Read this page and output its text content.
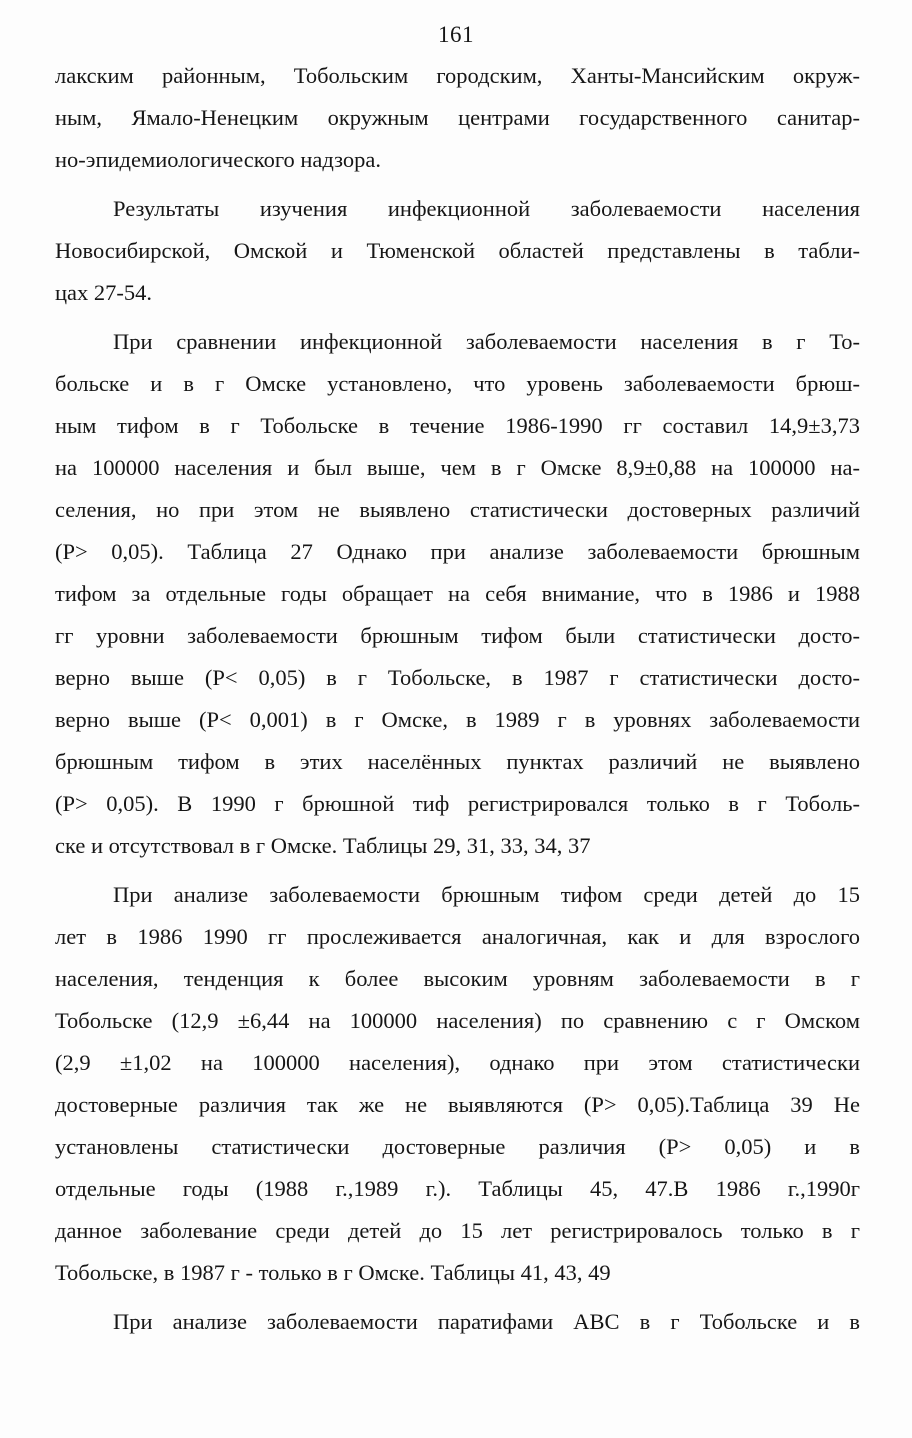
161
лакским районным, Тобольским городским, Ханты-Мансийским окруж-
ным, Ямало-Ненецким окружным центрами государственного санитар-
но-эпидемиологического надзора.
Результаты изучения инфекционной заболеваемости населения
Новосибирской, Омской и Тюменской областей представлены в табли-
цах 27-54.
При сравнении инфекционной заболеваемости населения в г То-
больске и в г Омске установлено, что уровень заболеваемости брюш-
ным тифом в г Тобольске в течение 1986-1990 гг составил 14,9±3,73
на 100000 населения и был выше, чем в г Омске 8,9±0,88 на 100000 на-
селения, но при этом не выявлено статистически достоверных различий
(P> 0,05). Таблица 27 Однако при анализе заболеваемости брюшным
тифом за отдельные годы обращает на себя внимание, что в 1986 и 1988
гг уровни заболеваемости брюшным тифом были статистически досто-
верно выше (P< 0,05) в г Тобольске, в 1987 г статистически досто-
верно выше (P< 0,001) в г Омске, в 1989 г в уровнях заболеваемости
брюшным тифом в этих населённых пунктах различий не выявлено
(P> 0,05). В 1990 г брюшной тиф регистрировался только в г Тоболь-
ске и отсутствовал в г Омске. Таблицы 29, 31, 33, 34, 37
При анализе заболеваемости брюшным тифом среди детей до 15
лет в 1986 1990 гг прослеживается аналогичная, как и для взрослого
населения, тенденция к более высоким уровням заболеваемости в г
Тобольске (12,9 ±6,44 на 100000 населения) по сравнению с г Омском
(2,9 ±1,02 на 100000 населения), однако при этом статистически
достоверные различия так же не выявляются (P> 0,05).Таблица 39 Не
установлены статистически достоверные различия (P> 0,05) и в
отдельные годы (1988 г.,1989 г.). Таблицы 45, 47.В 1986 г.,1990г
данное заболевание среди детей до 15 лет регистрировалось только в г
Тобольске, в 1987 г - только в г Омске. Таблицы 41, 43, 49
При анализе заболеваемости паратифами ABC в г Тобольске и в
